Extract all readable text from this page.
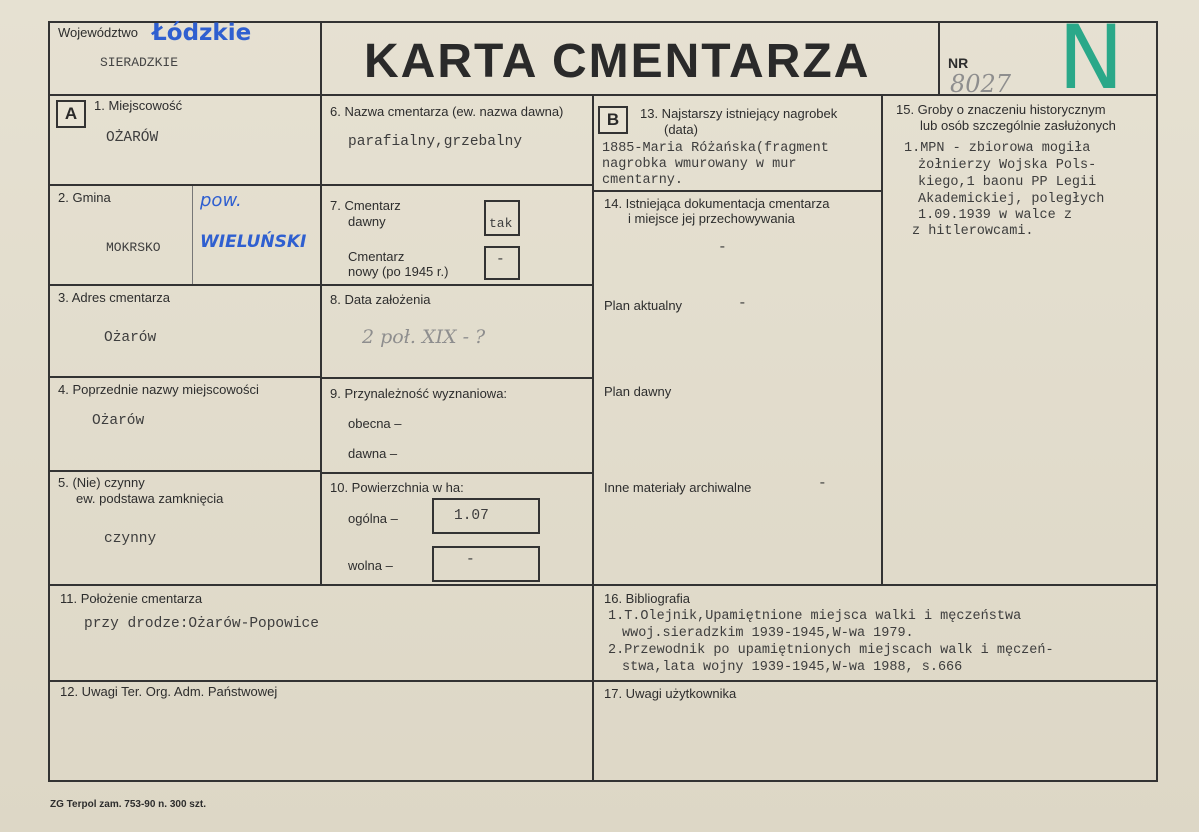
Województwo Łódzkie
SIERADZKIE	KARTA CMENTARZA	NR
8027 N
A	1. Miejscowość
OŻARÓW
2. Gmina
MOKRSKO
pow.
WIELUŃSKI
3. Adres cmentarza
Ożarów
4. Poprzednie nazwy miejscowości
Ożarów
5. (Nie) czynny
ew. podstawa zamknięcia
czynny
6. Nazwa cmentarza (ew. nazwa dawna)
parafialny,grzebalny
7. Cmentarz
dawny	tak
Cmentarz
nowy (po 1945 r.)
-
8. Data założenia
2 poł. XIX - ?
9. Przynależność wyznaniowa:
obecna –
dawna –
10. Powierzchnia w ha:
ogólna –	1.07
wolna –	-
B	13. Najstarszy istniejący nagrobek
(data)
1885-Maria Różańska(fragment
nagrobka wmurowany w mur
cmentarny.
14. Istniejąca dokumentacja cmentarza
i miejsce jej przechowywania
-
Plan aktualny	-
Plan dawny
Inne materiały archiwalne	-
15. Groby o znaczeniu historycznym
lub osób szczególnie zasłużonych
1.MPN - zbiorowa mogiła
żołnierzy Wojska Pols-
kiego,1 baonu PP Legii
Akademickiej, poległych
1.09.1939 w walce z
z hitlerowcami.
11. Położenie cmentarza
przy drodze:Ożarów-Popowice
16. Bibliografia
1.T.Olejnik,Upamiętnione miejsca walki i męczeństwa
wwoj.sieradzkim 1939-1945,W-wa 1979.
2.Przewodnik po upamiętnionych miejscach walk i męczeń-
stwa,lata wojny 1939-1945,W-wa 1988, s.666
12. Uwagi Ter. Org. Adm. Państwowej	17. Uwagi użytkownika
ZG Terpol zam. 753-90 n. 300 szt.
